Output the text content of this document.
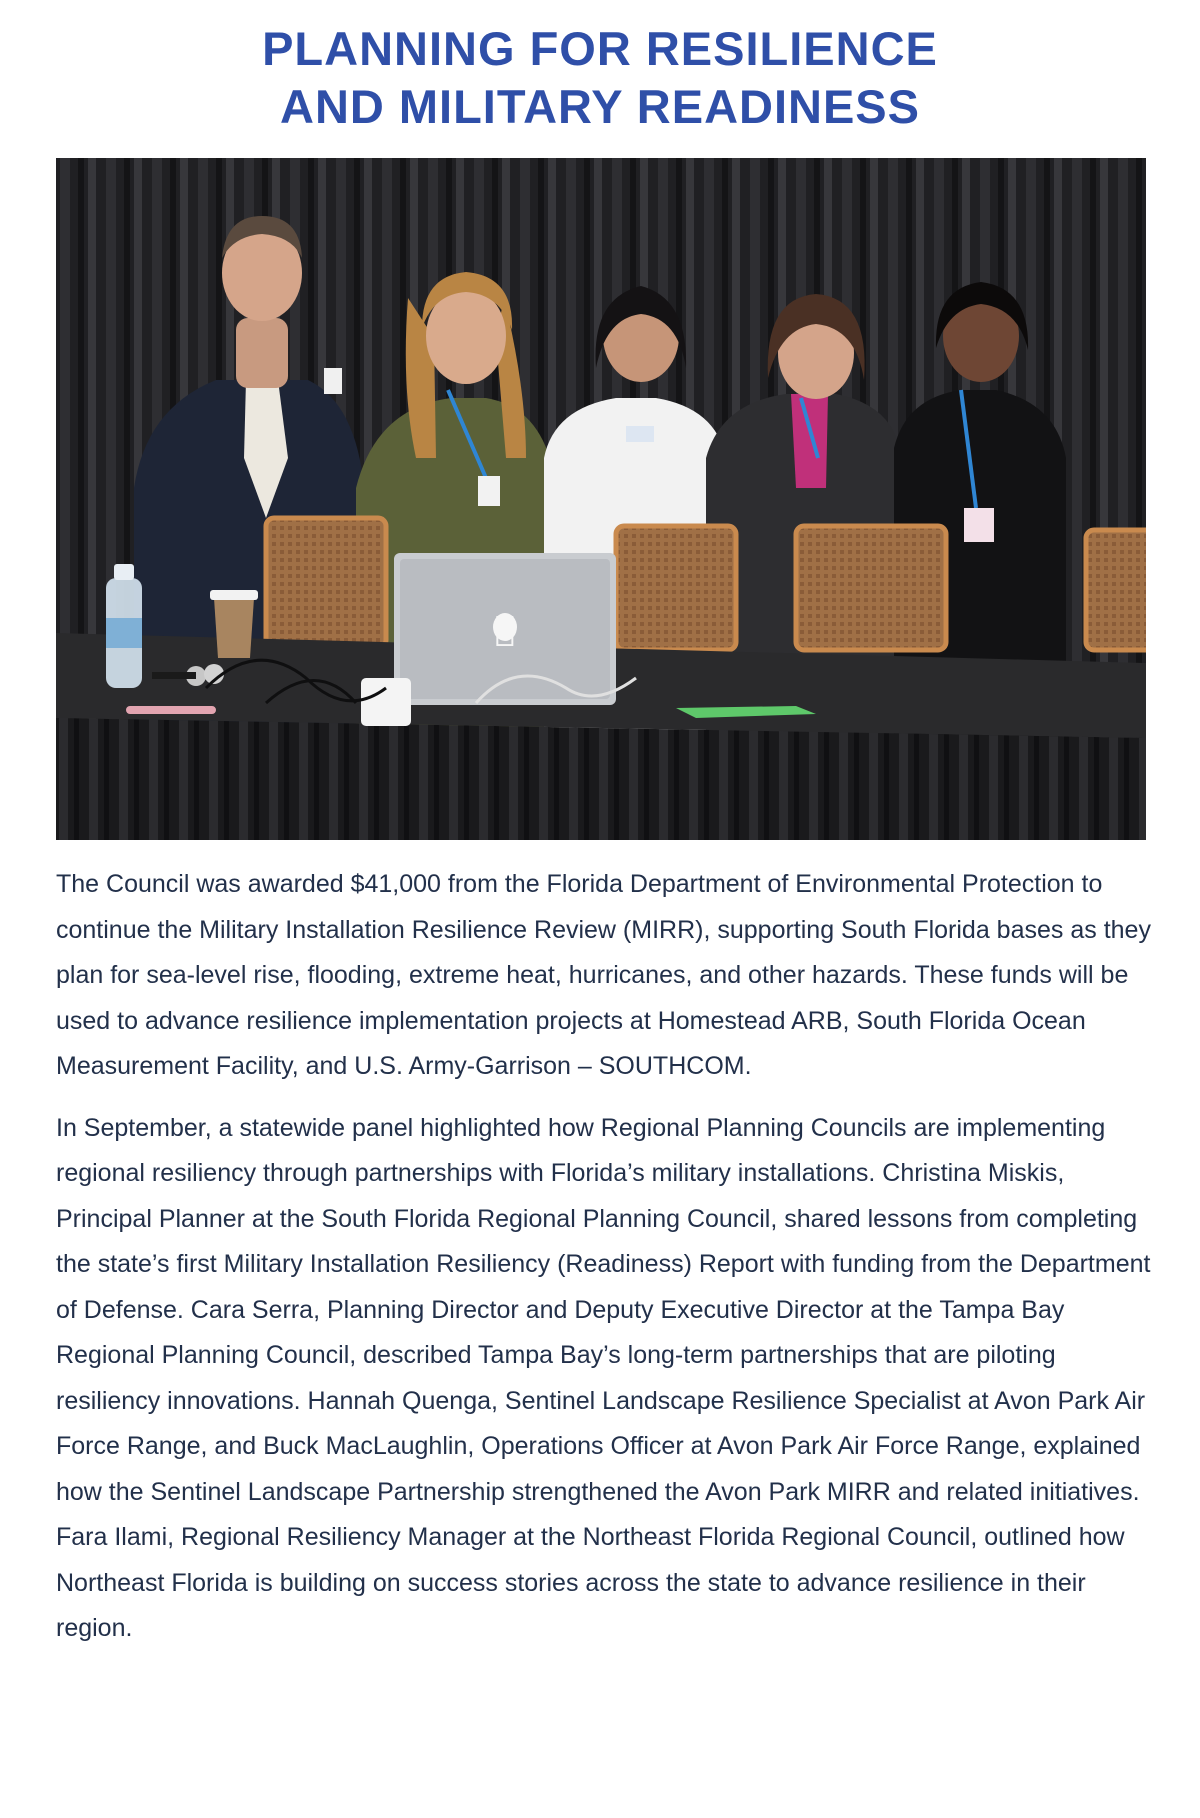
PLANNING FOR RESILIENCE
AND MILITARY READINESS

The Council was awarded $41,000 from the Florida Department of Environmental Protection to continue the Military Installation Resilience Review (MIRR), supporting South Florida bases as they plan for sea-level rise, flooding, extreme heat, hurricanes, and other hazards. These funds will be used to advance resilience implementation projects at Homestead ARB, South Florida Ocean Measurement Facility, and U.S. Army-Garrison – SOUTHCOM.

In September, a statewide panel highlighted how Regional Planning Councils are implementing regional resiliency through partnerships with Florida’s military installations. Christina Miskis, Principal Planner at the South Florida Regional Planning Council, shared lessons from completing the state’s first Military Installation Resiliency (Readiness) Report with funding from the Department of Defense. Cara Serra, Planning Director and Deputy Executive Director at the Tampa Bay Regional Planning Council, described Tampa Bay’s long-term partnerships that are piloting resiliency innovations. Hannah Quenga, Sentinel Landscape Resilience Specialist at Avon Park Air Force Range, and Buck MacLaughlin, Operations Officer at Avon Park Air Force Range, explained how the Sentinel Landscape Partnership strengthened the Avon Park MIRR and related initiatives. Fara Ilami, Regional Resiliency Manager at the Northeast Florida Regional Council, outlined how Northeast Florida is building on success stories across the state to advance resilience in their region.
